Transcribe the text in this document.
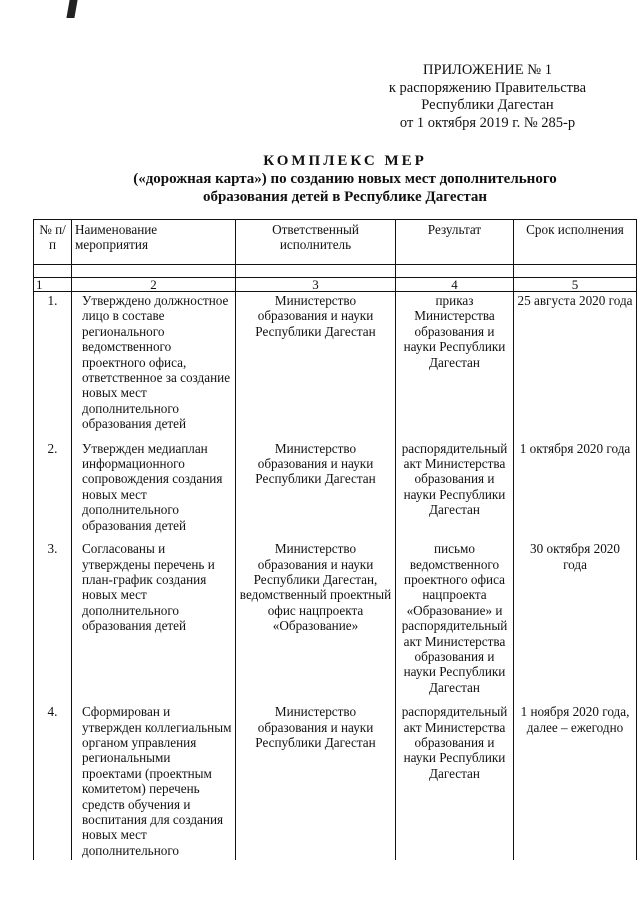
ПРИЛОЖЕНИЕ № 1
к распоряжению Правительства
Республики Дагестан
от 1 октября 2019 г. № 285-р
КОМПЛЕКС МЕР
(«дорожная карта») по созданию новых мест дополнительного
образования детей в Республике Дагестан
№ п/п	Наименование мероприятия	Ответственный исполнитель	Результат	Срок исполнения

1	2	3	4	5
1.	Утверждено должностное лицо в составе регионального ведомственного проектного офиса, ответственное за создание новых мест дополнительного образования детей	Министерство образования и науки Республики Дагестан	приказ Министерства образования и науки Республики Дагестан	25 августа 2020 года
2.	Утвержден медиаплан информационного сопровождения создания новых мест дополнительного образования детей	Министерство образования и науки Республики Дагестан	распорядительный акт Министерства образования и науки Республики Дагестан	1 октября 2020 года
3.	Согласованы и утверждены перечень и план-график создания новых мест дополнительного образования детей	Министерство образования и науки Республики Дагестан, ведомственный проектный офис нацпроекта «Образование»	письмо ведомственного проектного офиса нацпроекта «Образование» и распорядительный акт Министерства образования и науки Республики Дагестан	30 октября 2020 года
4.	Сформирован и утвержден коллегиальным органом управления региональными проектами (проектным комитетом) перечень средств обучения и воспитания для создания новых мест дополнительного	Министерство образования и науки Республики Дагестан	распорядительный акт Министерства образования и науки Республики Дагестан	1 ноября 2020 года, далее – ежегодно
